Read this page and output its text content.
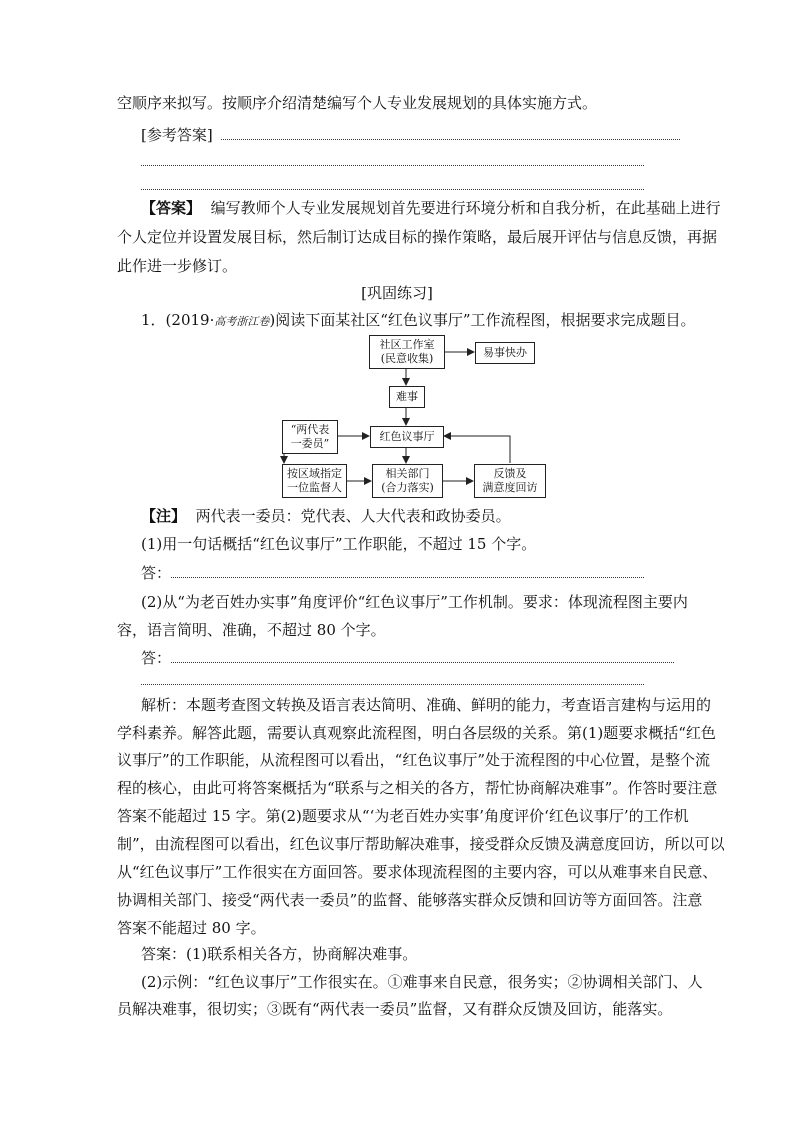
空顺序来拟写。按顺序介绍清楚编写个人专业发展规划的具体实施方式。
[参考答案]
【答案】 编写教师个人专业发展规划首先要进行环境分析和自我分析，在此基础上进行
个人定位并设置发展目标，然后制订达成目标的操作策略，最后展开评估与信息反馈，再据
此作进一步修订。
[巩固练习]
1．(2019·高考浙江卷)阅读下面某社区“红色议事厅”工作流程图，根据要求完成题目。
社区工作室
(民意收集)	易事快办
难事
“两代表
一委员”
红色议事厅
按区域指定
一位监督人
相关部门
(合力落实)
反馈及
满意度回访
【注】 两代表一委员：党代表、人大代表和政协委员。
(1)用一句话概括“红色议事厅”工作职能，不超过 15 个字。
答：
(2)从“为老百姓办实事”角度评价“红色议事厅”工作机制。要求：体现流程图主要内
容，语言简明、准确，不超过 80 个字。
答：
解析：本题考查图文转换及语言表达简明、准确、鲜明的能力，考查语言建构与运用的
学科素养。解答此题，需要认真观察此流程图，明白各层级的关系。第(1)题要求概括“红色
议事厅”的工作职能，从流程图可以看出，“红色议事厅”处于流程图的中心位置，是整个流
程的核心，由此可将答案概括为“联系与之相关的各方，帮忙协商解决难事”。作答时要注意
答案不能超过 15 字。第(2)题要求从“‘为老百姓办实事’角度评价‘红色议事厅’的工作机
制”，由流程图可以看出，红色议事厅帮助解决难事，接受群众反馈及满意度回访，所以可以
从“红色议事厅”工作很实在方面回答。要求体现流程图的主要内容，可以从难事来自民意、
协调相关部门、接受“两代表一委员”的监督、能够落实群众反馈和回访等方面回答。注意
答案不能超过 80 字。
答案：(1)联系相关各方，协商解决难事。
(2)示例：“红色议事厅”工作很实在。①难事来自民意，很务实；②协调相关部门、人
员解决难事，很切实；③既有“两代表一委员”监督，又有群众反馈及回访，能落实。
